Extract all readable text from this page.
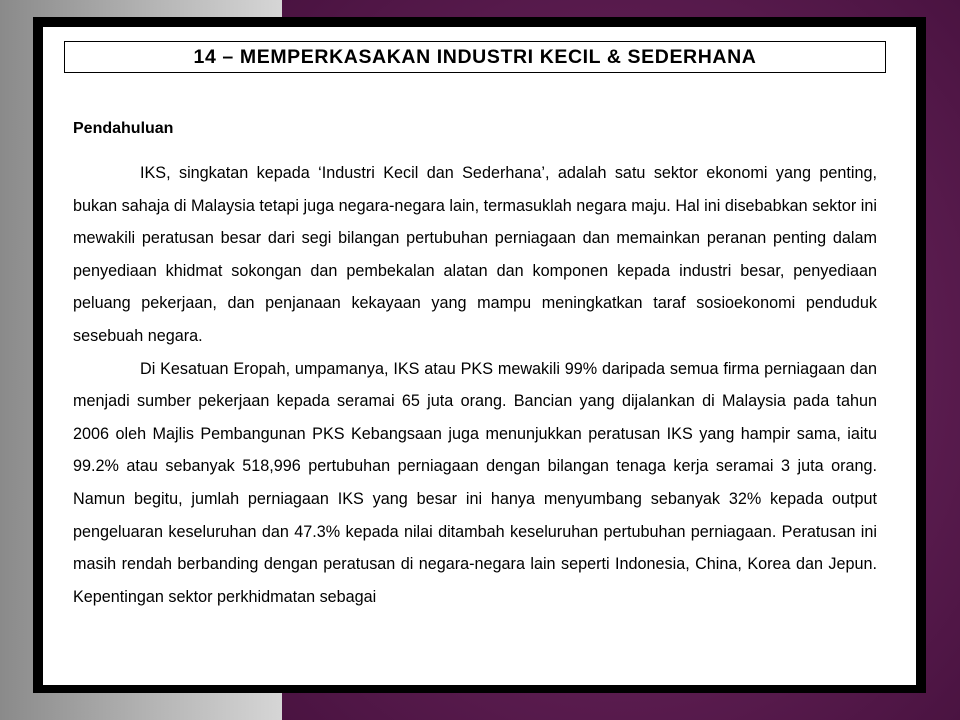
14 – MEMPERKASAKAN INDUSTRI KECIL & SEDERHANA
Pendahuluan

IKS, singkatan kepada ‘Industri Kecil dan Sederhana’, adalah satu sektor ekonomi yang penting, bukan sahaja di Malaysia tetapi juga negara-negara lain, termasuklah negara maju. Hal ini disebabkan sektor ini mewakili peratusan besar dari segi bilangan pertubuhan perniagaan dan memainkan peranan penting dalam penyediaan khidmat sokongan dan pembekalan alatan dan komponen kepada industri besar, penyediaan peluang pekerjaan, dan penjanaan kekayaan yang mampu meningkatkan taraf sosioekonomi penduduk sesebuah negara.

Di Kesatuan Eropah, umpamanya, IKS atau PKS mewakili 99% daripada semua firma perniagaan dan menjadi sumber pekerjaan kepada seramai 65 juta orang. Bancian yang dijalankan di Malaysia pada tahun 2006 oleh Majlis Pembangunan PKS Kebangsaan juga menunjukkan peratusan IKS yang hampir sama, iaitu 99.2% atau sebanyak 518,996 pertubuhan perniagaan dengan bilangan tenaga kerja seramai 3 juta orang. Namun begitu, jumlah perniagaan IKS yang besar ini hanya menyumbang sebanyak 32% kepada output pengeluaran keseluruhan dan 47.3% kepada nilai ditambah keseluruhan pertubuhan perniagaan. Peratusan ini masih rendah berbanding dengan peratusan di negara-negara lain seperti Indonesia, China, Korea dan Jepun. Kepentingan sektor perkhidmatan sebagai
